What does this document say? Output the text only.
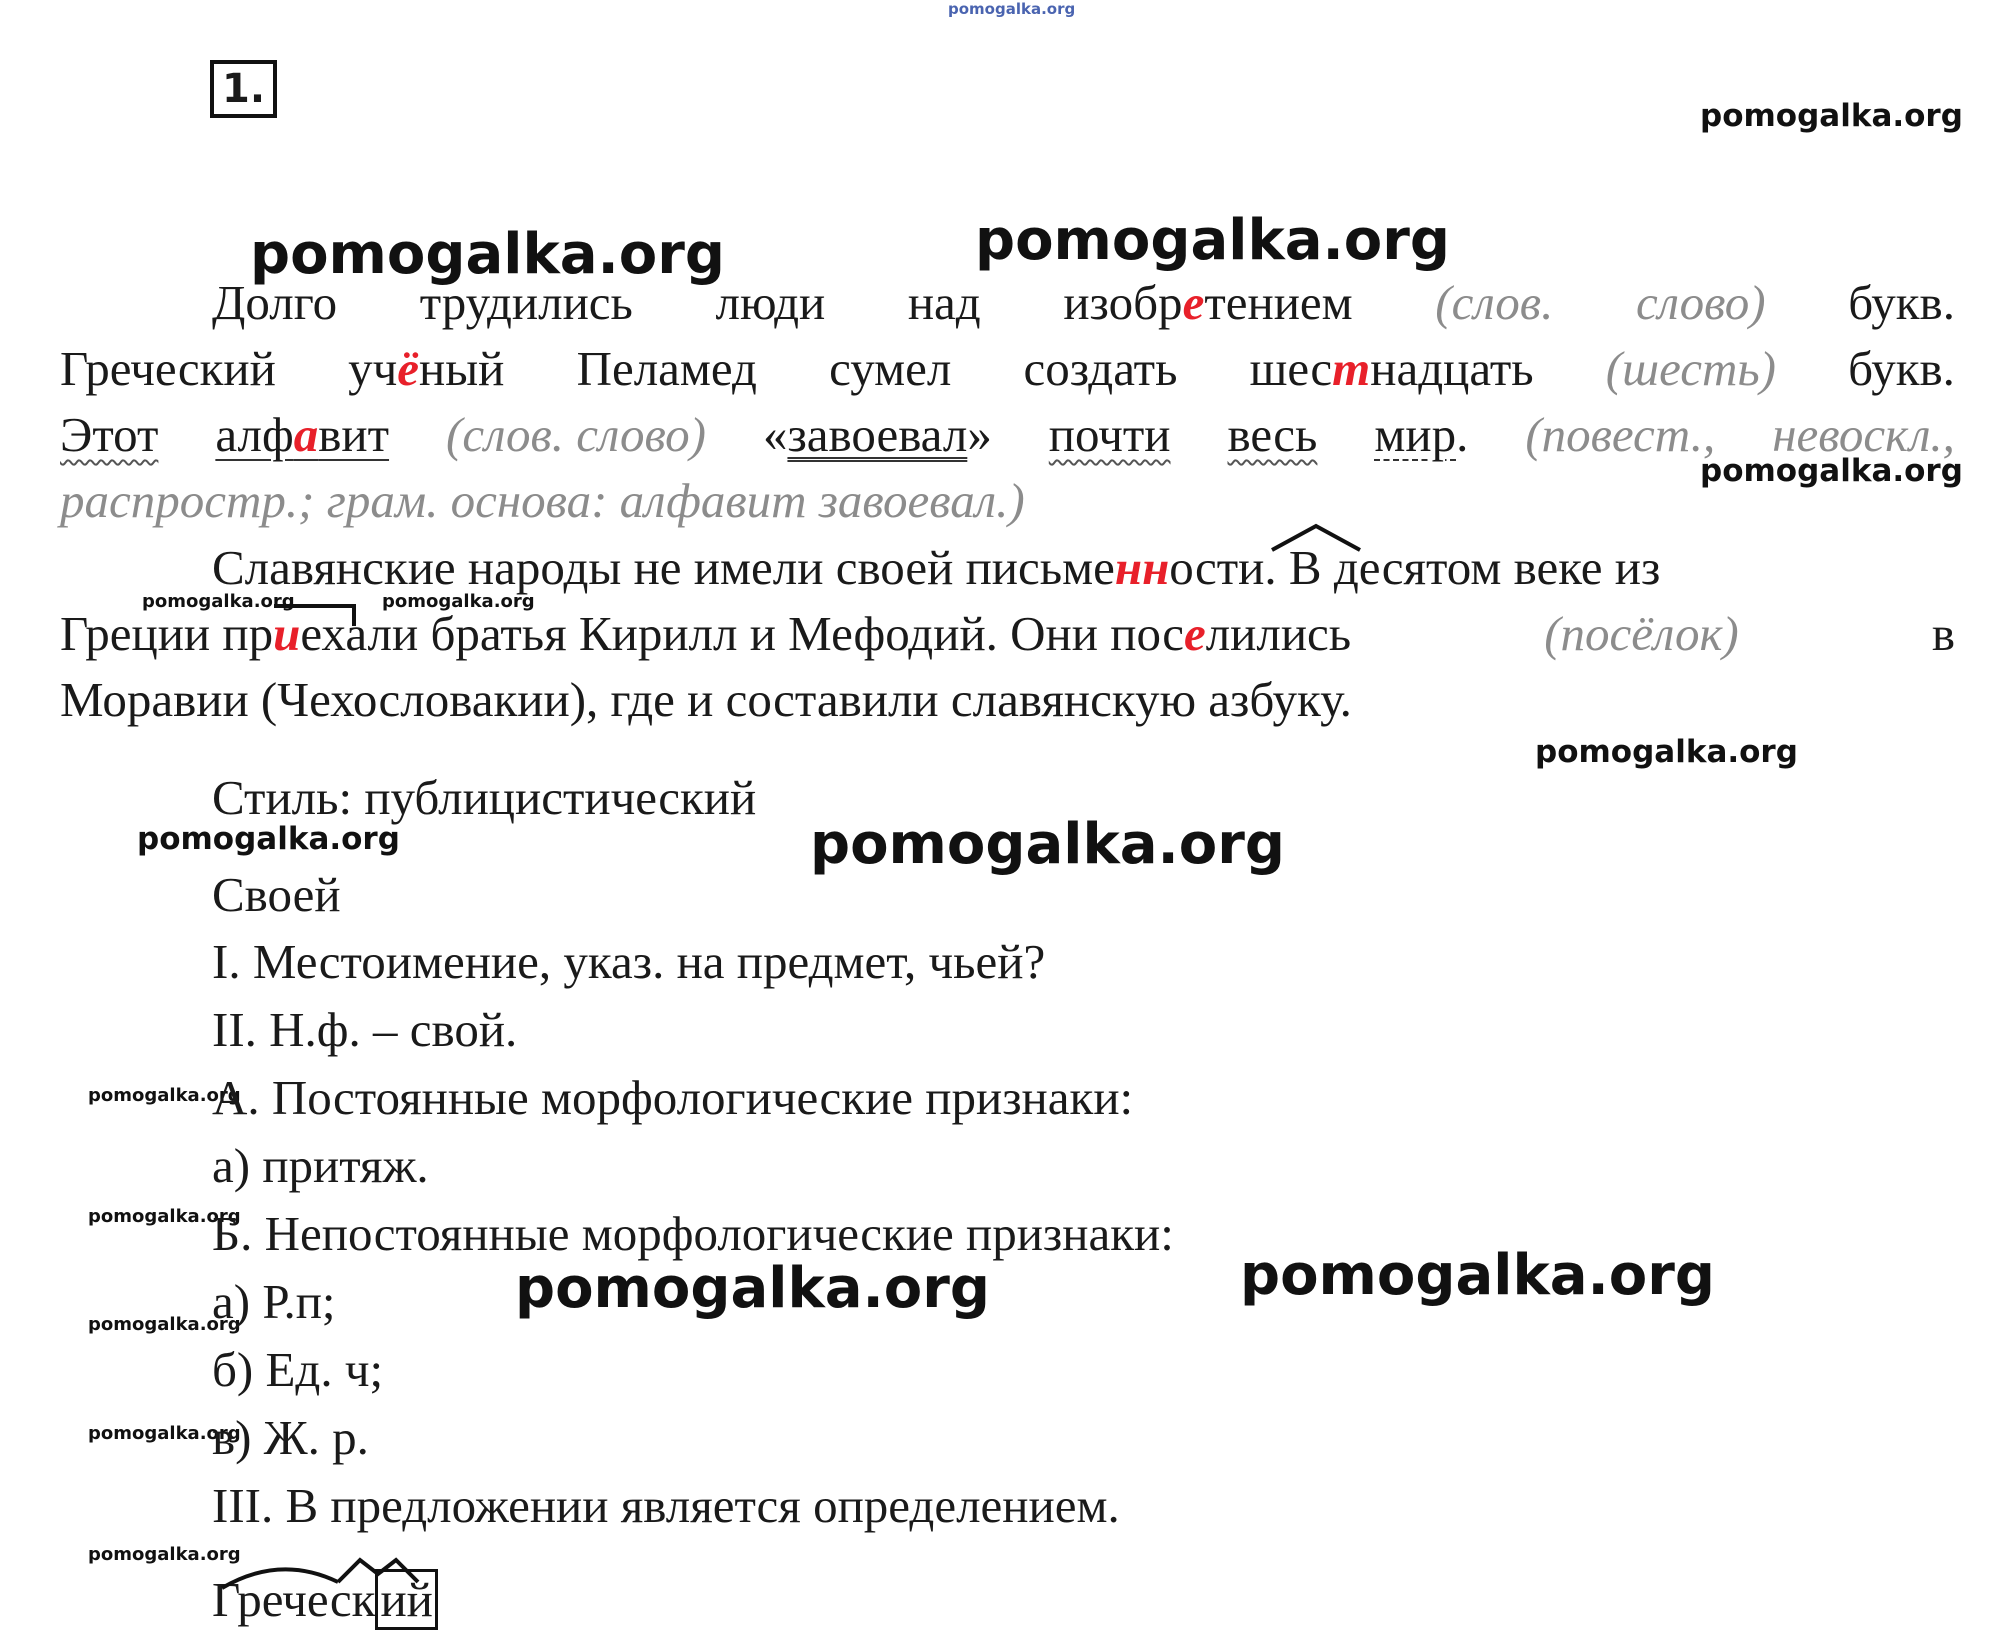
pomogalka.org
pomogalka.org
pomogalka.org	pomogalka.org
pomogalka.org
pomogalka.org	pomogalka.org
pomogalka.org
pomogalka.org	pomogalka.org
pomogalka.org
pomogalka.org
pomogalka.org	pomogalka.org
pomogalka.org
pomogalka.org
pomogalka.org
1.
Долго трудились люди над изобретением (слов. слово) букв.
Греческий учёный Пеламед сумел создать шестнадцать (шесть) букв.
Этот алфавит (слов. слово) «завоевал» почти весь мир. (повест., невоскл.,
распростр.; грам. основа: алфавит завоевал.)
Славянские народы не имели своей письменности. В десятом веке из
Греции приехали братья Кирилл и Мефодий. Они поселились	(посёлок)	в
Моравии (Чехословакии), где и составили славянскую азбуку.
Стиль: публицистический
Своей
I. Местоимение, указ. на предмет, чьей?
II. Н.ф. – свой.
А. Постоянные морфологические признаки:
а) притяж.
Б. Непостоянные морфологические признаки:
а) Р.п;
б) Ед. ч;
в) Ж. р.
III. В предложении является определением.
Греческ ий
